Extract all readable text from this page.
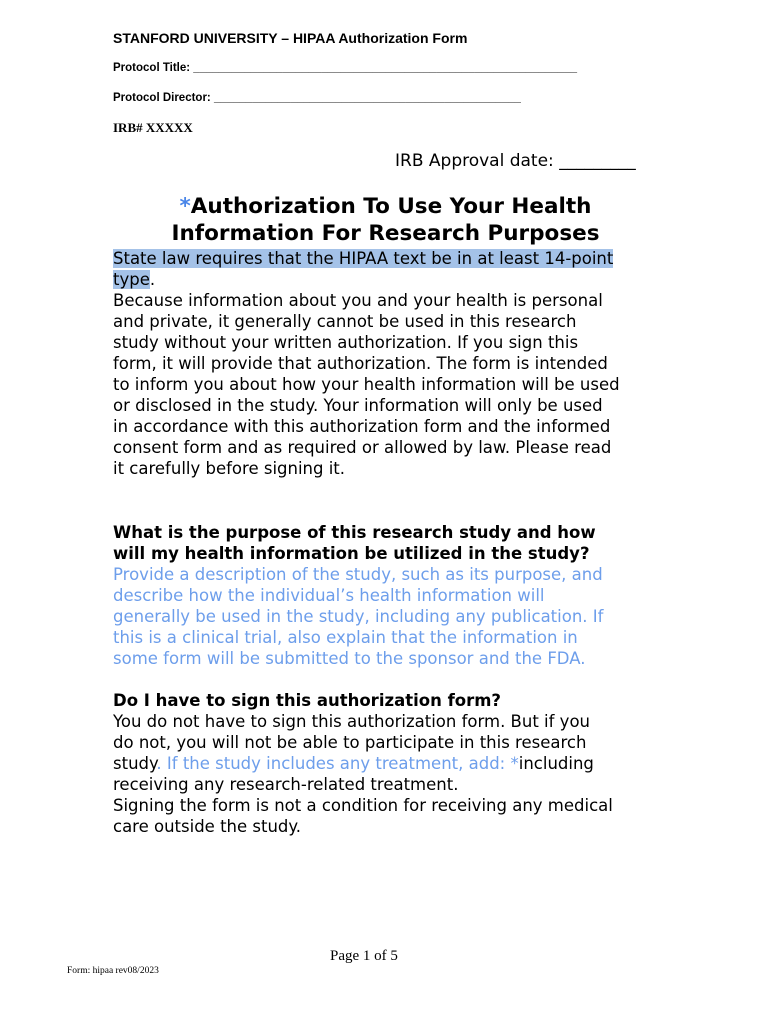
STANFORD UNIVERSITY – HIPAA Authorization Form
Protocol Title: ____________________________________________________________
Protocol Director: ________________________________________________
IRB# XXXXX
IRB Approval date: _________
*Authorization To Use Your Health
Information For Research Purposes
State law requires that the HIPAA text be in at least 14-point
type.
Because information about you and your health is personal
and private, it generally cannot be used in this research
study without your written authorization. If you sign this
form, it will provide that authorization. The form is intended
to inform you about how your health information will be used
or disclosed in the study. Your information will only be used
in accordance with this authorization form and the informed
consent form and as required or allowed by law. Please read
it carefully before signing it.
What is the purpose of this research study and how
will my health information be utilized in the study?
Provide a description of the study, such as its purpose, and
describe how the individual’s health information will
generally be used in the study, including any publication. If
this is a clinical trial, also explain that the information in
some form will be submitted to the sponsor and the FDA.
Do I have to sign this authorization form?
You do not have to sign this authorization form. But if you
do not, you will not be able to participate in this research
study. If the study includes any treatment, add: *including
receiving any research-related treatment.
Signing the form is not a condition for receiving any medical
care outside the study.
Page 1 of 5
Form: hipaa rev08/2023
